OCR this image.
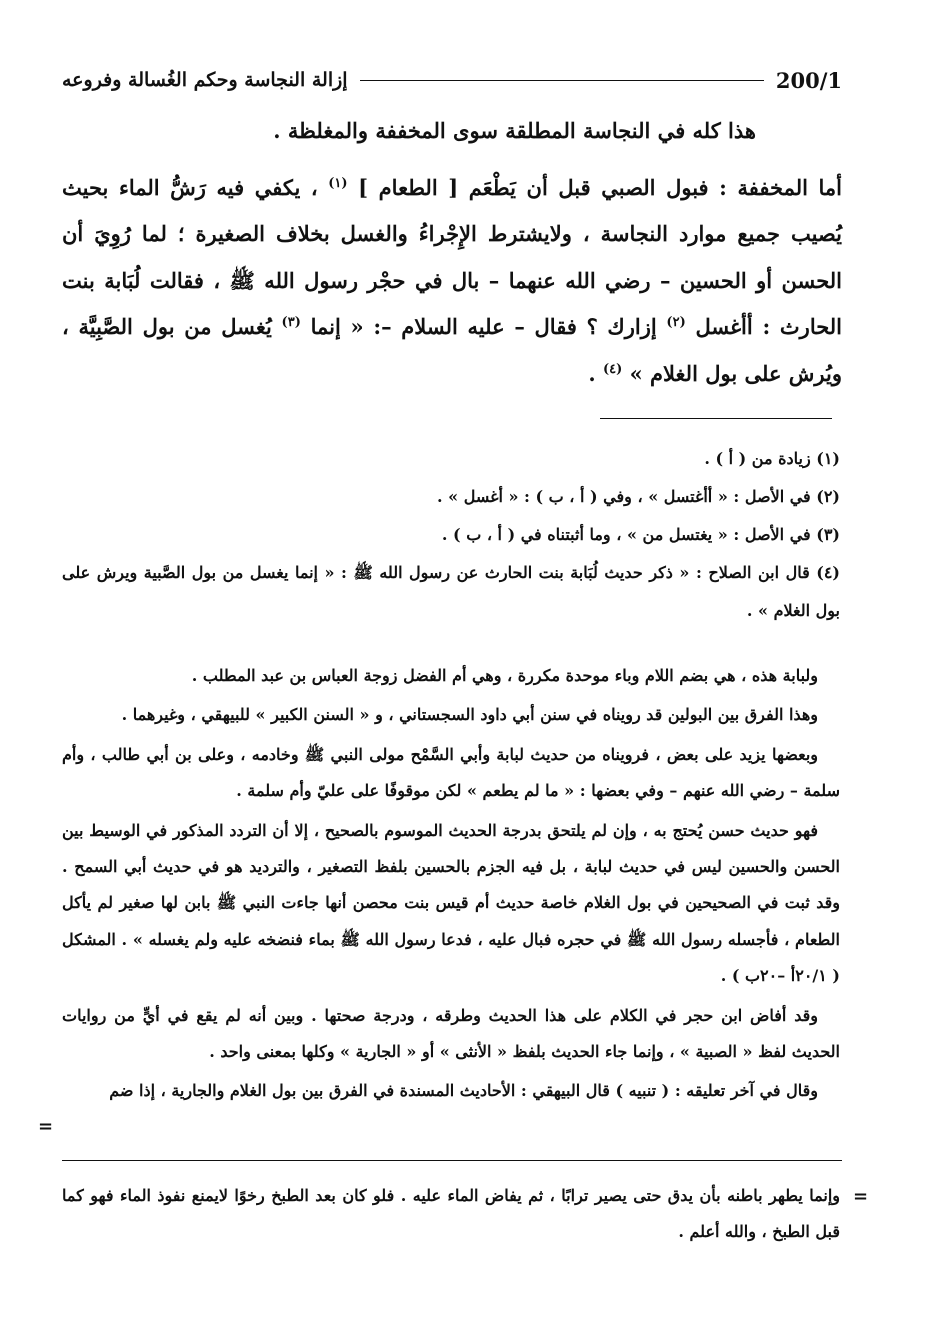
200/1
إزالة النجاسة وحكم الغُسالة وفروعه

هذا كله في النجاسة المطلقة سوى المخففة والمغلظة .

أما المخففة : فبول الصبي قبل أن يَطْعَم [ الطعام ] $^{(١)}$ ، يكفي فيه رَشُّ الماء بحيث يُصيب جميع موارد النجاسة ، ولايشترط الإِجْراءُ والغسل بخلاف الصغيرة ؛ لما رُوِيَ أن الحسن أو الحسين – رضي الله عنهما – بال في حجْر رسول الله ﷺ ، فقالت لُبَابة بنت الحارث : أأغسل $^{(٢)}$ إزارك ؟ فقال – عليه السلام –: « إنما $^{(٣)}$ يُغسل من بول الصَّبِيَّة ، ويُرش على بول الغلام » $^{(٤)}$ .

(١) زيادة من ( أ ) .

(٢) في الأصل : « أأغتسل » ، وفي ( أ ، ب ) : « أغسل » .

(٣) في الأصل : « يغتسل من » ، وما أثبتناه في ( أ ، ب ) .

(٤) قال ابن الصلاح : « ذكر حديث لُبَابة بنت الحارث عن رسول الله ﷺ : « إنما يغسل من بول الصَّبية ويرش على بول الغلام » .

ولبابة هذه ، هي بضم اللام وباء موحدة مكررة ، وهي أم الفضل زوجة العباس بن عبد المطلب .

وهذا الفرق بين البولين قد رويناه في سنن أبي داود السجستاني ، و « السنن الكبير » للبيهقي ، وغيرهما .

وبعضها يزيد على بعض ، فرويناه من حديث لبابة وأبي السَّمْح مولى النبي ﷺ وخادمه ، وعلى بن أبي طالب ، وأم سلمة – رضي الله عنهم – وفي بعضها : « ما لم يطعم » لكن موقوفًا على عليّ وأم سلمة .

فهو حديث حسن يُحتج به ، وإن لم يلتحق بدرجة الحديث الموسوم بالصحيح ، إلا أن التردد المذكور في الوسيط بين الحسن والحسين ليس في حديث لبابة ، بل فيه الجزم بالحسين بلفظ التصغير ، والترديد هو في حديث أبي السمح . وقد ثبت في الصحيحين في بول الغلام خاصة حديث أم قيس بنت محصن أنها جاءت النبي ﷺ بابن لها صغير لم يأكل الطعام ، فأجسله رسول الله ﷺ في حجره فبال عليه ، فدعا رسول الله ﷺ بماء فنضخه عليه ولم يغسله » . المشكل ( ٢٠/١أ –٢٠ب ) .

وقد أفاض ابن حجر في الكلام على هذا الحديث وطرقه ، ودرجة صحتها . وبين أنه لم يقع في أيٍّ من روايات الحديث لفظ « الصبية » ، وإنما جاء الحديث بلفظ « الأنثى » أو « الجارية » وكلها بمعنى واحد .

وقال في آخر تعليقه : ( تنبيه ) قال البيهقي : الأحاديث المسندة في الفرق بين بول الغلام والجارية ، إذا ضم

=
=

وإنما يطهر باطنه بأن يدق حتى يصير ترابًا ، ثم يفاض الماء عليه . فلو كان بعد الطبخ رخوًا لايمنع نفوذ الماء فهو كما قبل الطبخ ، والله أعلم .
